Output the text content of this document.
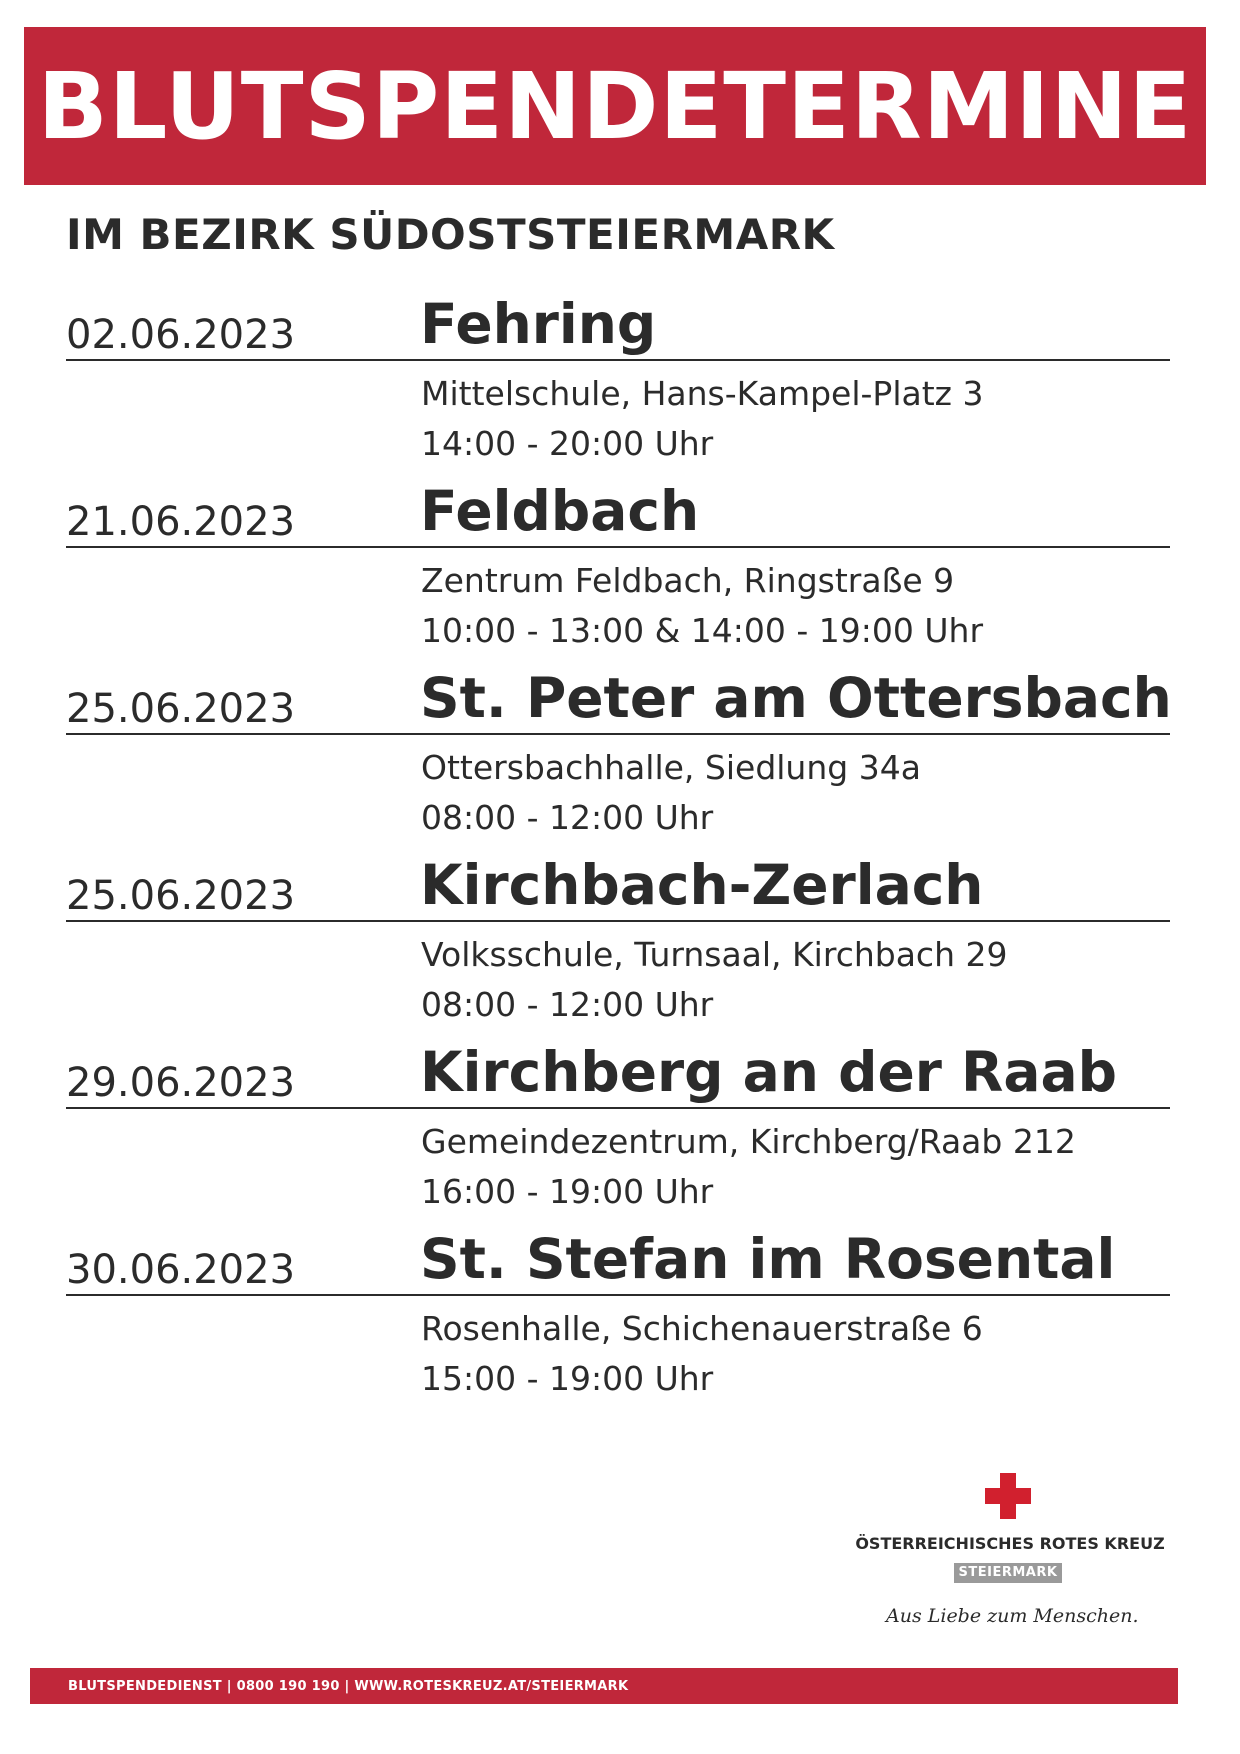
BLUTSPENDETERMINE
IM BEZIRK SÜDOSTSTEIERMARK
02.06.2023 Fehring
Mittelschule, Hans-Kampel-Platz 3
14:00 - 20:00 Uhr
21.06.2023 Feldbach
Zentrum Feldbach, Ringstraße 9
10:00 - 13:00 & 14:00 - 19:00 Uhr
25.06.2023 St. Peter am Ottersbach
Ottersbachhalle, Siedlung 34a
08:00 - 12:00 Uhr
25.06.2023 Kirchbach-Zerlach
Volksschule, Turnsaal, Kirchbach 29
08:00 - 12:00 Uhr
29.06.2023 Kirchberg an der Raab
Gemeindezentrum, Kirchberg/Raab 212
16:00 - 19:00 Uhr
30.06.2023 St. Stefan im Rosental
Rosenhalle, Schichenauerstraße 6
15:00 - 19:00 Uhr
ÖSTERREICHISCHES ROTES KREUZ
STEIERMARK
Aus Liebe zum Menschen.
BLUTSPENDEDIENST | 0800 190 190 | WWW.ROTESKREUZ.AT/STEIERMARK
